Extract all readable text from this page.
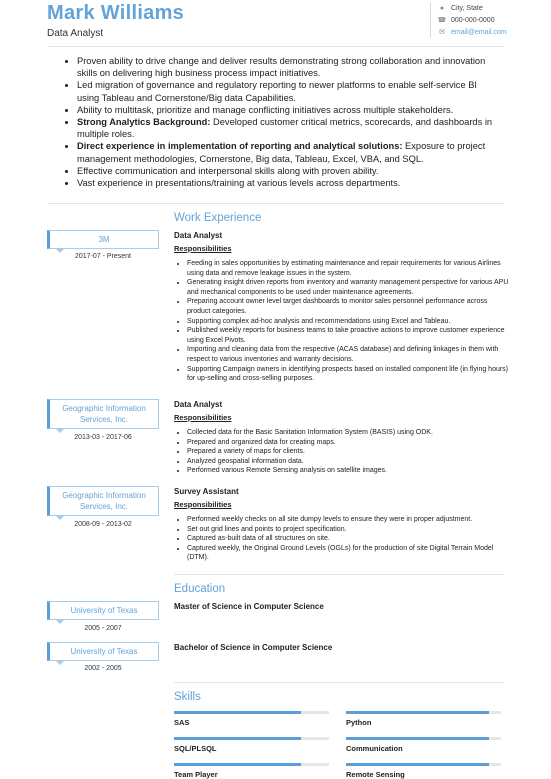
Mark Williams
Data Analyst
● City, State
☎ 000-000-0000
✉ email@email.com
• Proven ability to drive change and deliver results demonstrating strong collaboration and innovation skills on delivering high business process impact initiatives.
• Led migration of governance and regulatory reporting to newer platforms to enable self-service BI using Tableau and Cornerstone/Big data Capabilities.
• Ability to multitask, prioritize and manage conflicting initiatives across multiple stakeholders.
• Strong Analytics Background: Developed customer critical metrics, scorecards, and dashboards in multiple roles.
• Direct experience in implementation of reporting and analytical solutions: Exposure to project management methodologies, Cornerstone, Big data, Tableau, Excel, VBA, and SQL.
• Effective communication and interpersonal skills along with proven ability.
• Vast experience in presentations/training at various levels across departments.
Work Experience
3M
2017-07 - Present
Data Analyst
Responsibilities
• Feeding in sales opportunities by estimating maintenance and repair requirements for various Airlines using data and remove leakage issues in the system.
• Generating insight driven reports from inventory and warranty management perspective for various APU and mechanical components to be used under maintenance agreements.
• Preparing account owner level target dashboards to monitor sales personnel performance across product categories.
• Supporting complex ad-hoc analysis and recommendations using Excel and Tableau.
• Published weekly reports for business teams to take proactive actions to improve customer experience using Excel Pivots.
• Importing and cleaning data from the respective (ACAS database) and defining linkages in them with respect to various inventories and warranty decisions.
• Supporting Campaign owners in identifying prospects based on installed component life (in flying hours) for up-selling and cross-selling purposes.
Geographic Information Services, Inc.
2013-03 - 2017-06
Data Analyst
Responsibilities
• Collected data for the Basic Sanitation Information System (BASIS) using ODK.
• Prepared and organized data for creating maps.
• Prepared a variety of maps for clients.
• Analyzed geospatial information data.
• Performed various Remote Sensing analysis on satellite images.
Geographic Information Services, Inc.
2008-09 - 2013-02
Survey Assistant
Responsibilities
• Performed weekly checks on all site dumpy levels to ensure they were in proper adjustment.
• Set out grid lines and points to project specification.
• Captured as-built data of all structures on site.
• Captured weekly, the Original Ground Levels (OGLs) for the production of site Digital Terrain Model (DTM).
Education
University of Texas
2005 - 2007
Master of Science in Computer Science
University of Texas
2002 - 2005
Bachelor of Science in Computer Science
Skills
SAS	Python
SQL/PLSQL	Communication
Team Player	Remote Sensing
